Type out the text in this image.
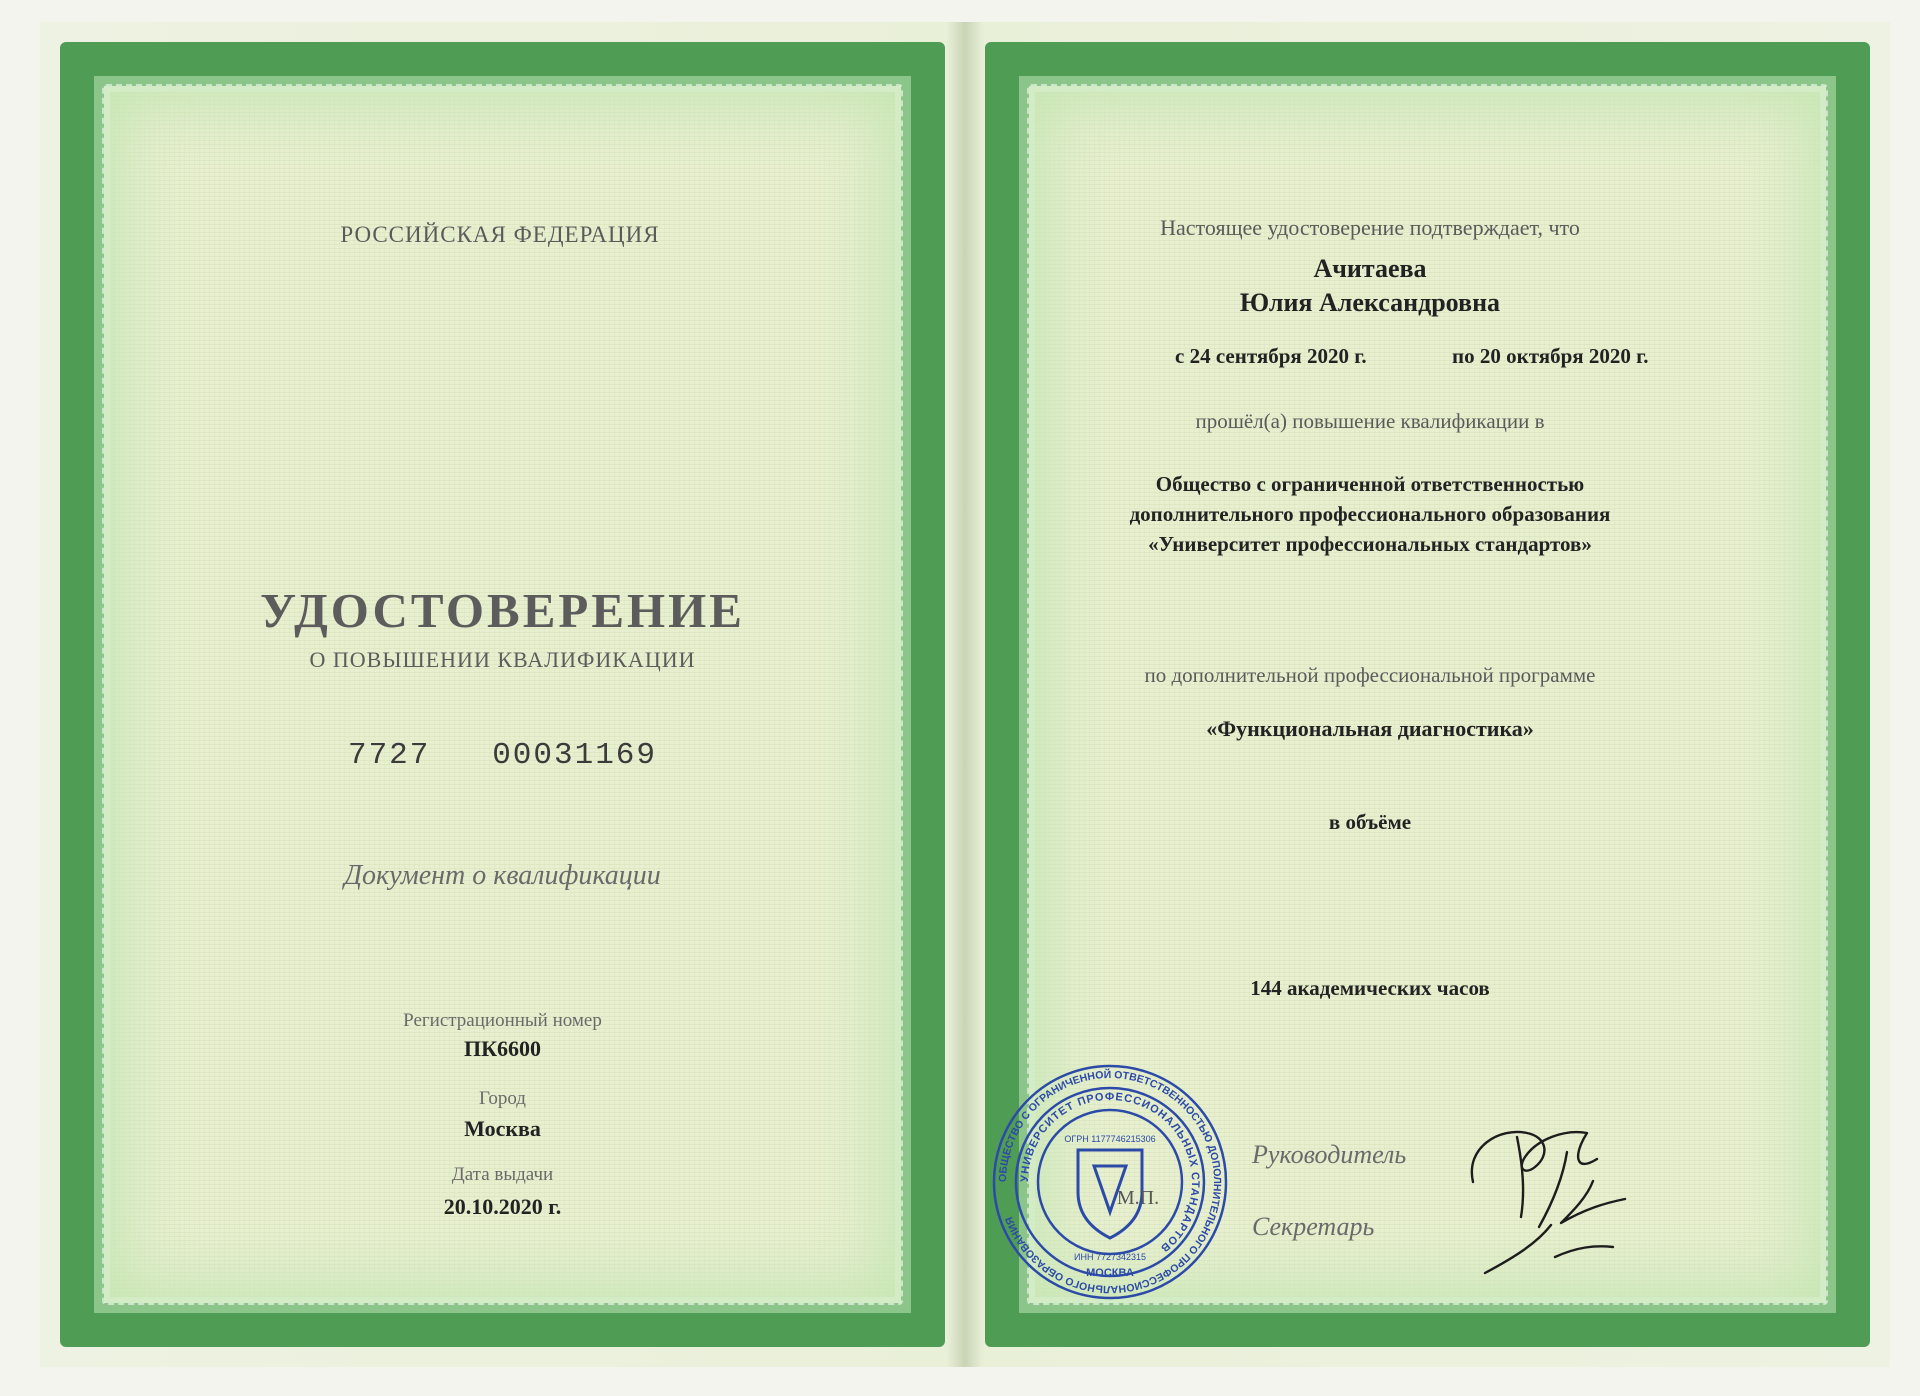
РОССИЙСКАЯ ФЕДЕРАЦИЯ

УДОСТОВЕРЕНИЕ

О ПОВЫШЕНИИ КВАЛИФИКАЦИИ

7727   00031169

Документ о квалификации

Регистрационный номер

ПК6600

Город

Москва

Дата выдачи

20.10.2020 г.

Настоящее удостоверение подтверждает, что

Ачитаева

Юлия Александровна

с 24 сентября 2020 г.	по 20 октября 2020 г.

прошёл(а) повышение квалификации в

Общество с ограниченной ответственностью

дополнительного профессионального образования

«Университет профессиональных стандартов»

по дополнительной профессиональной программе

«Функциональная диагностика»

в объёме

144 академических часов

ОБЩЕСТВО С ОГРАНИЧЕННОЙ ОТВЕТСТВЕННОСТЬЮ ДОПОЛНИТЕЛЬНОГО ПРОФЕССИОНАЛЬНОГО ОБРАЗОВАНИЯ
УНИВЕРСИТЕТ ПРОФЕССИОНАЛЬНЫХ СТАНДАРТОВ
ОГРН 1177746215306
ИНН 7727342315
МОСКВА

М.П.

Руководитель

Секретарь
